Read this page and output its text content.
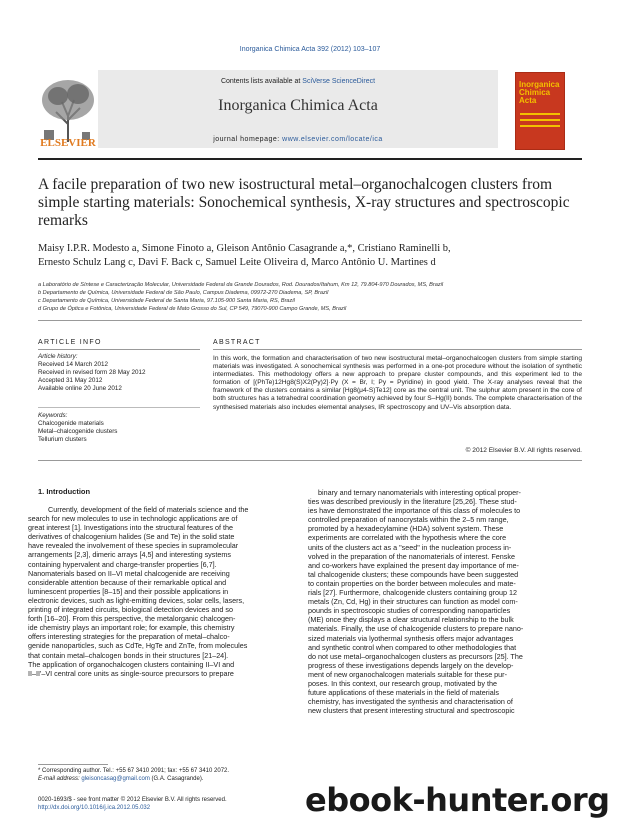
Inorganica Chimica Acta 392 (2012) 103–107
Contents lists available at SciVerse ScienceDirect
Inorganica Chimica Acta
journal homepage: www.elsevier.com/locate/ica
ELSEVIER
Inorganica Chimica Acta
A facile preparation of two new isostructural metal–organochalcogen clusters from simple starting materials: Sonochemical synthesis, X-ray structures and spectroscopic remarks
Maisy I.P.R. Modesto a, Simone Finoto a, Gleison Antônio Casagrande a,*, Cristiano Raminelli b,
Ernesto Schulz Lang c, Davi F. Back c, Samuel Leite Oliveira d, Marco Antônio U. Martines d
a Laboratório de Síntese e Caracterização Molecular, Universidade Federal da Grande Dourados, Rod. Dourados/Itahum, Km 12, 79.804-970 Dourados, MS, Brazil
b Departamento de Química, Universidade Federal de São Paulo, Campus Diadema, 09972-270 Diadema, SP, Brazil
c Departamento de Química, Universidade Federal de Santa Maria, 97.105-900 Santa Maria, RS, Brazil
d Grupo de Óptica e Fotônica, Universidade Federal de Mato Grosso do Sul, CP 549, 79070-900 Campo Grande, MS, Brazil
ARTICLE INFO	ABSTRACT
Article history:
Received 14 March 2012
Received in revised form 28 May 2012
Accepted 31 May 2012
Available online 20 June 2012
Keywords:
Chalcogenide materials
Metal–chalcogenide clusters
Tellurium clusters
In this work, the formation and characterisation of two new isostructural metal–organochalcogen clusters from simple starting materials was investigated. A sonochemical synthesis was performed in a one-pot procedure without the isolation of synthetic intermediates. This methodology offers a new approach to prepare cluster compounds, and this experiment led to the formation of [(PhTe)12Hg8(S)X2(Py)2]·Py (X = Br, I; Py = Pyridine) in good yield. The X-ray analyses reveal that the framework of the clusters contains a similar [Hg8(μ4-S)Te12] core as the central unit. The sulphur atom present in the core of both structures has a tetrahedral coordination geometry achieved by four S–Hg(II) bonds. The complete characterisation of the synthesised materials also includes elemental analyses, IR spectroscopy and UV–Vis absorption data.
© 2012 Elsevier B.V. All rights reserved.
1. Introduction
Currently, development of the field of materials science and the
search for new molecules to use in technologic applications are of
great interest [1]. Investigations into the structural features of the
derivatives of chalcogenium halides (Se and Te) in the solid state
have revealed the involvement of these species in supramolecular
arrangements [2,3], dimeric arrays [4,5] and interesting systems
containing hypervalent and charge-transfer properties [6,7].
Nanomaterials based on II–VI metal chalcogenide are receiving
considerable attention because of their remarkable optical and
luminescent properties [8–15] and their possible applications in
electronic devices, such as light-emitting devices, solar cells, lasers,
printing of integrated circuits, biological detection devices and so
forth [16–20]. From this perspective, the metalorganic chalcogen-
ide chemistry plays an important role; for example, this chemistry
offers interesting strategies for the preparation of metal–chalco-
genide nanoparticles, such as CdTe, HgTe and ZnTe, from molecules
that contain metal–chalcogen bonds in their structures [21–24].
The application of organochalcogen clusters containing II–VI and
II–II'–VI central core units as single-source precursors to prepare
binary and ternary nanomaterials with interesting optical proper-
ties was described previously in the literature [25,26]. These stud-
ies have demonstrated the importance of this class of molecules to
controlled preparation of nanocrystals within the 2–5 nm range,
promoted by a hexadecylamine (HDA) solvent system. These
experiments are correlated with the hypothesis where the core
units of the clusters act as a "seed" in the nucleation process in-
volved in the preparation of the nanomaterials of interest. Fenske
and co-workers have explained the present day importance of me-
tal chalcogenide clusters; these compounds have been suggested
to contain properties on the border between molecules and mate-
rials [27]. Furthermore, chalcogenide clusters containing group 12
metals (Zn, Cd, Hg) in their structures can function as model com-
pounds in spectroscopic studies of corresponding nanoparticles
(ME) once they displays a clear structural relationship to the bulk
materials. Finally, the use of chalcogenide clusters to prepare nano-
sized materials via lyothermal synthesis offers major advantages
and synthetic control when compared to other methodologies that
do not use metal–organochalcogen clusters as precursors [25]. The
progress of these investigations depends largely on the develop-
ment of new organochalcogen materials suitable for these pur-
poses. In this context, our research group, motivated by the
future applications of these materials in the field of materials
chemistry, has investigated the synthesis and characterisation of
new clusters that present interesting structural and spectroscopic
* Corresponding author. Tel.: +55 67 3410 2091; fax: +55 67 3410 2072.
E-mail address: gleisoncasag@gmail.com (G.A. Casagrande).
0020-1693/$ - see front matter © 2012 Elsevier B.V. All rights reserved.
http://dx.doi.org/10.1016/j.ica.2012.05.032	ebook-hunter.org
